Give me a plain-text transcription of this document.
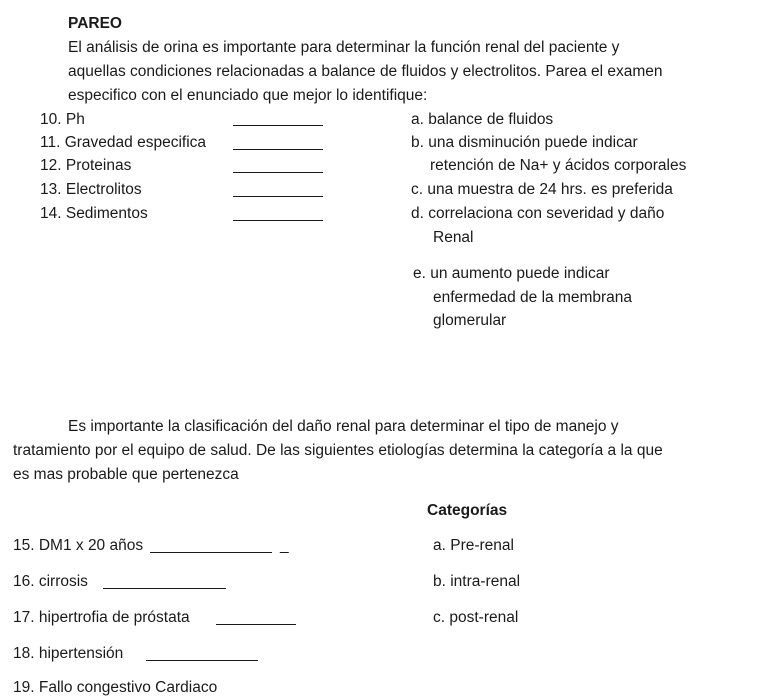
PAREO
El análisis de orina es importante para determinar la función renal del paciente y
aquellas condiciones relacionadas a balance de fluidos y electrolitos. Parea el examen
especifico con el enunciado que mejor lo identifique:
10. Ph
11. Gravedad especifica
12. Proteinas
13. Electrolitos
14. Sedimentos
a. balance de fluidos
b. una disminución puede indicar
retención de Na+ y ácidos corporales
c. una muestra de 24 hrs. es preferida
d. correlaciona con severidad y daño
Renal
e. un aumento puede indicar
enfermedad de la membrana
glomerular
Es importante la clasificación del daño renal para determinar el tipo de manejo y
tratamiento por el equipo de salud. De las siguientes etiologías determina la categoría a la que
es mas probable que pertenezca
Categorías
15. DM1 x 20 años	_
16. cirrosis
17. hipertrofia de próstata
18. hipertensión
19. Fallo congestivo Cardiaco
a. Pre-renal
b. intra-renal
c. post-renal
